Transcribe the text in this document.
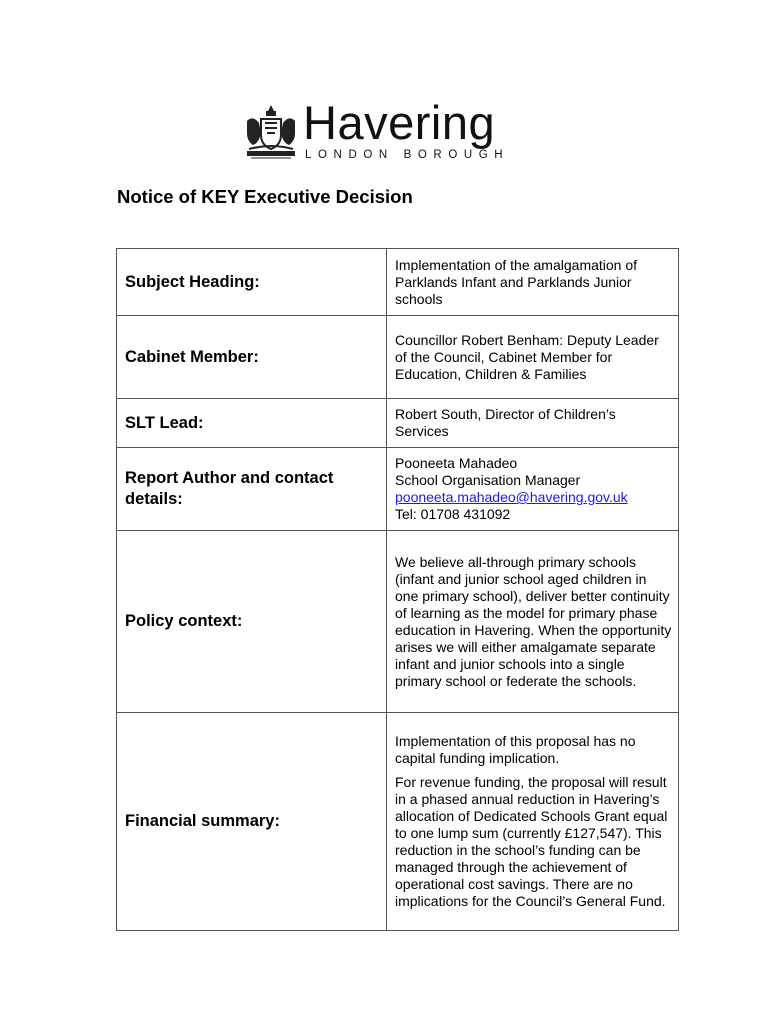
Havering
LONDON BOROUGH
Notice of KEY Executive Decision
Subject Heading:	Implementation of the amalgamation of Parklands Infant and Parklands Junior schools
Cabinet Member:	Councillor Robert Benham: Deputy Leader of the Council, Cabinet Member for Education, Children & Families
SLT Lead:	Robert South, Director of Children’s Services
Report Author and contact details:	Pooneeta Mahadeo

School Organisation Manager

pooneeta.mahadeo@havering.gov.uk

Tel: 01708 431092

Policy context:	We believe all-through primary schools (infant and junior school aged children in one primary school), deliver better continuity of learning as the model for primary phase education in Havering. When the opportunity arises we will either amalgamate separate infant and junior schools into a single primary school or federate the schools.
Financial summary:	Implementation of this proposal has no capital funding implication.

For revenue funding, the proposal will result in a phased annual reduction in Havering’s allocation of Dedicated Schools Grant equal to one lump sum (currently £127,547). This reduction in the school’s funding can be managed through the achievement of operational cost savings. There are no implications for the Council’s General Fund.
